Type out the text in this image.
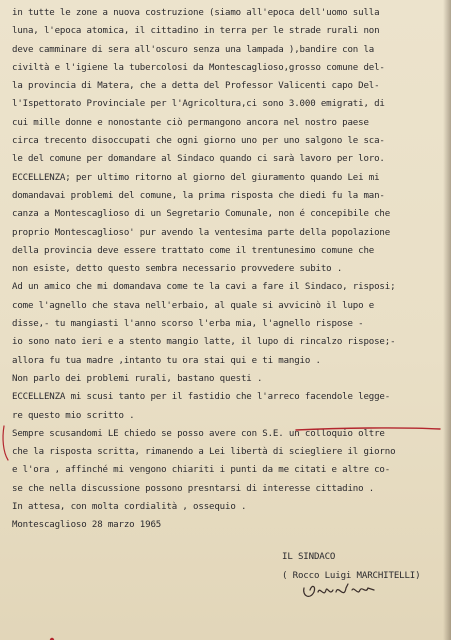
in tutte le zone a nuova costruzione (siamo all'epoca dell'uomo sulla
luna, l'epoca atomica, il cittadino in terra per le strade rurali non
deve camminare di sera all'oscuro senza una lampada ),bandire con la
civiltà e l'igiene la tubercolosi da Montescaglioso,grosso comune del-
la provincia di Matera, che a detta del Professor Valicenti capo Del-
l'Ispettorato Provinciale per l'Agricoltura,ci sono 3.000 emigrati, di
cui mille donne e nonostante ciò permangono ancora nel nostro paese
circa trecento disoccupati che ogni giorno uno per uno salgono le sca-
le del comune per domandare al Sindaco quando ci sarà lavoro per loro.
ECCELLENZA; per ultimo ritorno al giorno del giuramento quando Lei mi
domandavai problemi del comune, la prima risposta che diedi fu la man-
canza a Montescaglioso di un Segretario Comunale, non é concepibile che
proprio Montescaglioso' pur avendo la ventesima parte della popolazione
della provincia deve essere trattato come il trentunesimo comune che
non esiste, detto questo sembra necessario provvedere subito .
Ad un amico che mi domandava come te la cavi a fare il Sindaco, risposi;
come l'agnello che stava nell'erbaio, al quale si avvicinò il lupo e
disse,- tu mangiasti l'anno scorso l'erba mia, l'agnello rispose -
io sono nato ieri e a stento mangio latte, il lupo di rincalzo rispose;-
allora fu tua madre ,intanto tu ora stai qui e ti mangio .
Non parlo dei problemi rurali, bastano questi .
ECCELLENZA mi scusi tanto per il fastidio che l'arreco facendole legge-
re questo mio scritto .
Sempre scusandomi LE chiedo se posso avere con S.E. un colloquio oltre
che la risposta scritta, rimanendo a Lei libertà di sciegliere il giorno
e l'ora , affinché mi vengono chiariti i punti da me citati e altre co-
se che nella discussione possono presntarsi di interesse cittadino .
In attesa, con molta cordialità , ossequio .
Montescaglioso 28 marzo 1965
IL SINDACO
( Rocco Luigi MARCHITELLI)
